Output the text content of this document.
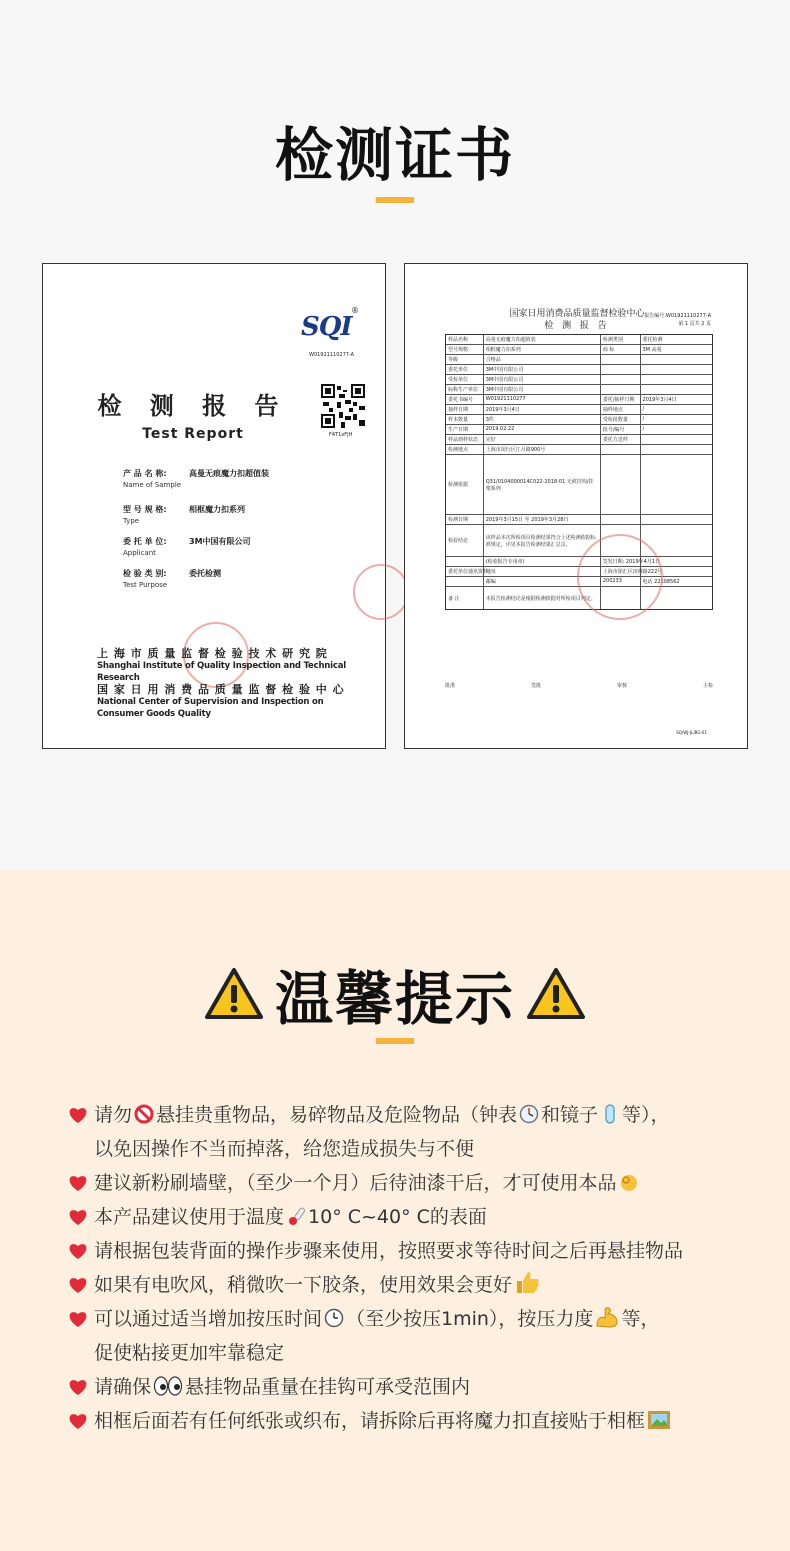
检测证书
SQI
®
W01921110277-A
F4T1xFJH
检 测 报 告
Test Report
产 品 名 称:	高曼无痕魔力扣超值装
Name of Sample
型 号 规 格:	相框魔力扣系列
Type
委 托 单 位:	3M中国有限公司
Applicant
检 验 类 别:	委托检测
Test Purpose
上 海 市 质 量 监 督 检 验 技 术 研 究 院
Shanghai Institute of Quality Inspection and Technical Research
国 家 日 用 消 费 品 质 量 监 督 检 验 中 心
National Center of Supervision and Inspection on Consumer Goods Quality
国家日用消费品质量监督检验中心
检 测 报 告
报告编号:W01921110277-A
第 1 页共 2 页
样品名称	高曼无痕魔力扣超值装	检测类别	委托检测
型号规格	相框魔力扣系列	商 标	3M 高曼
等级	合格品
委托单位	3M中国有限公司
受检单位	3M中国有限公司
标称生产单位	3M中国有限公司
委托书编号	W01921110277	委托/抽样日期	2019年3月4日
抽样日期	2019年3月4日	抽样地点	/
样本数量	3件	受检批数量	/
生产日期	2019.02.22	批号/编号	/
样品到样状态	完好	委托方送样
检测地点	上海市闵行区江月路900号
检测依据
Q31/0104000014C022-2018-01 无痕挂钩/挂架系列
检测日期	2019年3月15日 至 2019年3月28日
检验结论
该样品本次所检项目检测结果符合上述检测依据标准规定，详见本报告检测结果汇总页。
(检验报告专用章)	签发日期: 2019年4月1日
委托单位通讯资料
地址	上海市徐汇区田林路222号
邮编	200233	电话 22108562
备 注	本报告检测结论是根据检测依据对所检项目判定。
批准	签批	审核	主检
SQ/WJ-JL/BG-01
温馨提示
请勿 悬挂贵重物品，易碎物品及危险物品（钟表 和镜子 等），
以免因操作不当而掉落，给您造成损失与不便
建议新粉刷墙壁，（至少一个月）后待油漆干后，才可使用本品
本产品建议使用于温度 10° C~40° C的表面
请根据包装背面的操作步骤来使用，按照要求等待时间之后再悬挂物品
如果有电吹风，稍微吹一下胶条，使用效果会更好
可以通过适当增加按压时间 （至少按压1min），按压力度 等，
促使粘接更加牢靠稳定
请确保 悬挂物品重量在挂钩可承受范围内
相框后面若有任何纸张或织布，请拆除后再将魔力扣直接贴于相框
